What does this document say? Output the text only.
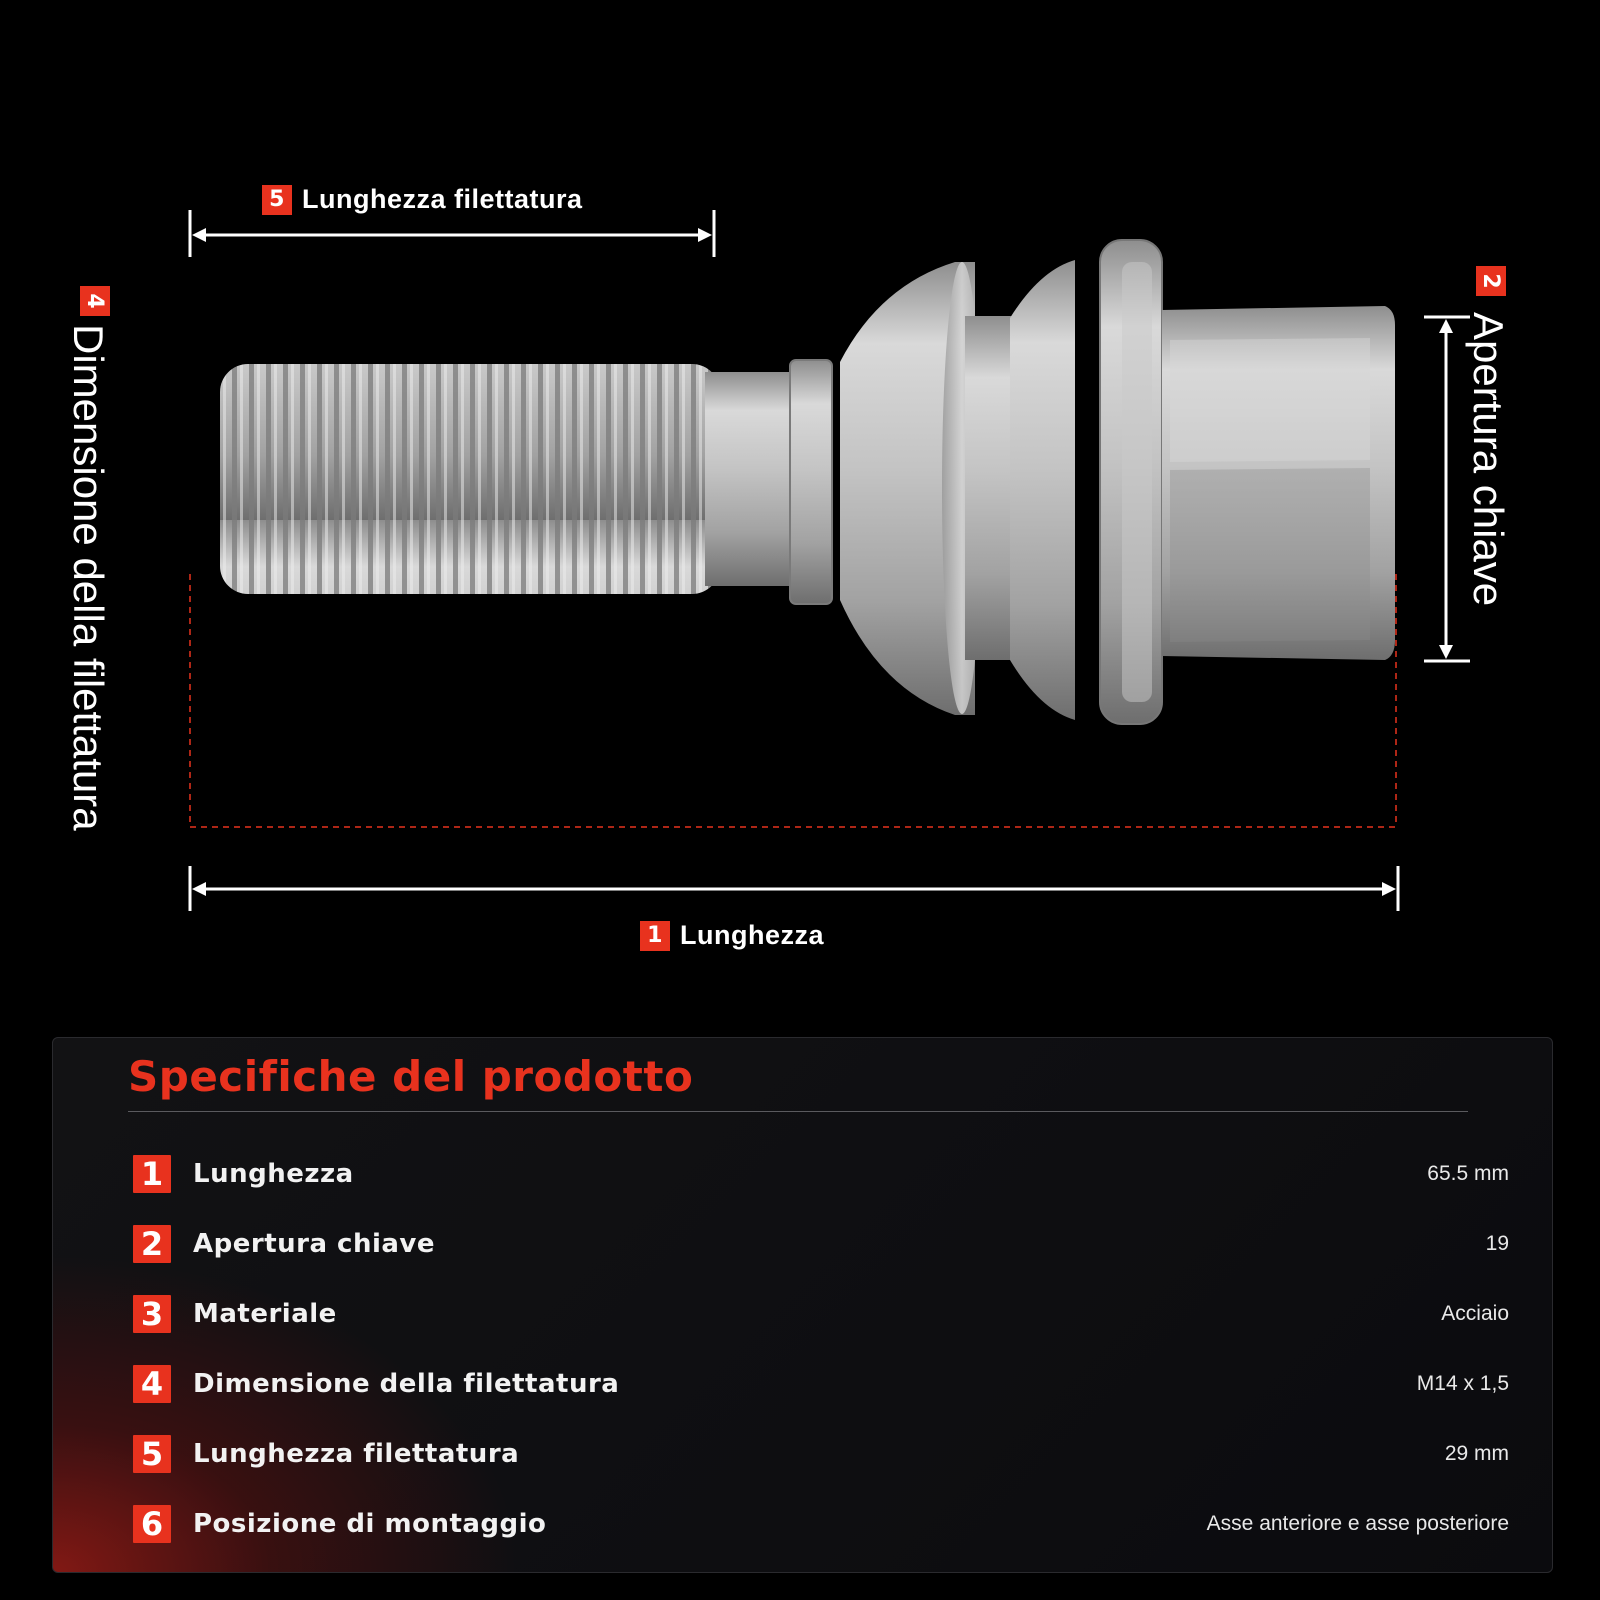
5 Lunghezza filettatura
1 Lunghezza
4
Dimensione della filettatura
2
Apertura chiave
Specifiche del prodotto
1	Lunghezza	65.5 mm
2	Apertura chiave	19
3	Materiale	Acciaio
4	Dimensione della filettatura	M14 x 1,5
5	Lunghezza filettatura	29 mm
6	Posizione di montaggio	Asse anteriore e asse posteriore
